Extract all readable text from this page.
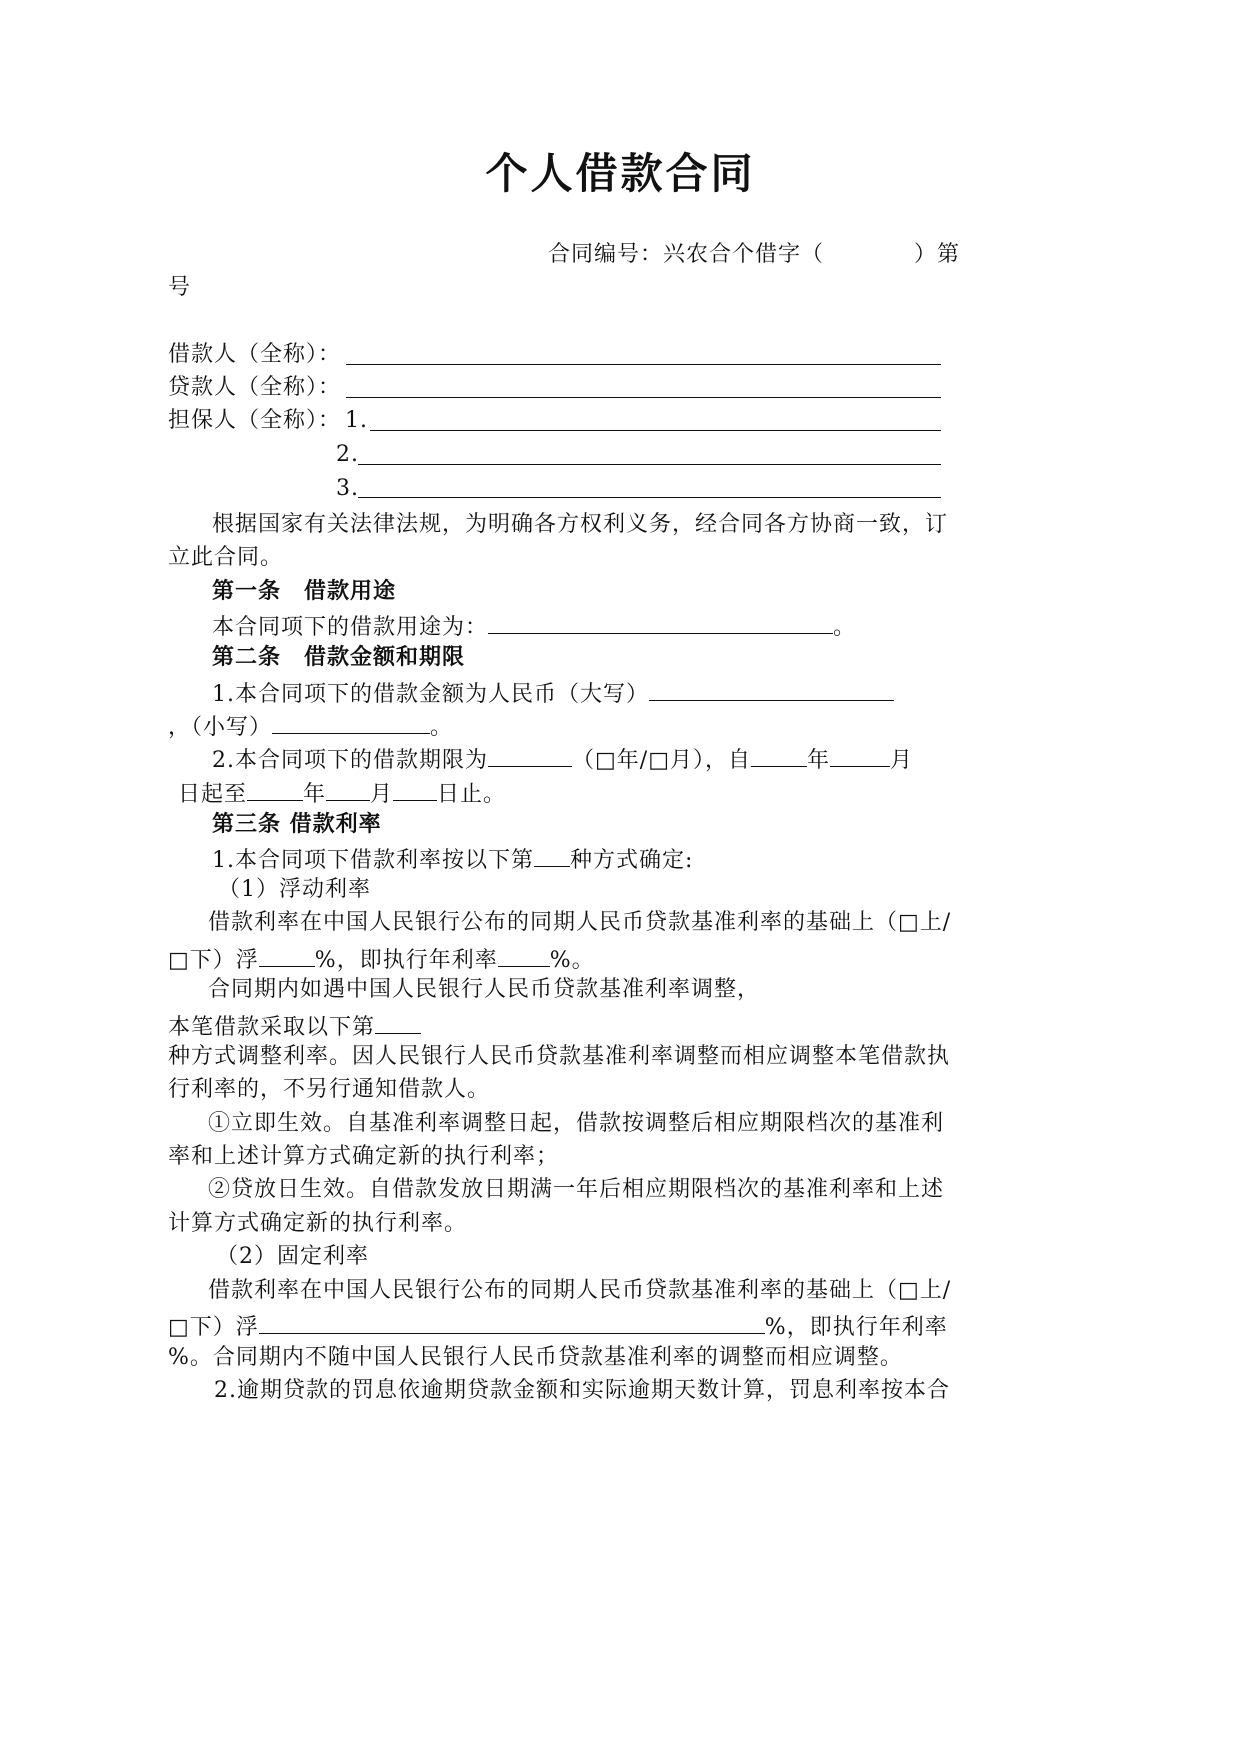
个人借款合同
合同编号：兴农合个借字（	）第
号
借款人（全称）：
贷款人（全称）：
担保人（全称）： 1.
2.
3.
根据国家有关法律法规，为明确各方权利义务，经合同各方协商一致，订
立此合同。
第一条　借款用途
本合同项下的借款用途为：	。
第二条　借款金额和期限
1.本合同项下的借款金额为人民币（大写）
，（小写）	。
2.本合同项下的借款期限为	（□年/□月），自	年	月
日起至	年 月 日止。
第三条 借款利率
1.本合同项下借款利率按以下第 种方式确定:
（1）浮动利率
借款利率在中国人民银行公布的同期人民币贷款基准利率的基础上（□上/
□下）浮	%，即执行年利率 %。
合同期内如遇中国人民银行人民币贷款基准利率调整，
本笔借款采取以下第
种方式调整利率。因人民银行人民币贷款基准利率调整而相应调整本笔借款执
行利率的，不另行通知借款人。
①立即生效。自基准利率调整日起，借款按调整后相应期限档次的基准利
率和上述计算方式确定新的执行利率；
②贷放日生效。自借款发放日期满一年后相应期限档次的基准利率和上述
计算方式确定新的执行利率。
（2）固定利率
借款利率在中国人民银行公布的同期人民币贷款基准利率的基础上（□上/
□下）浮	%，即执行年利率
%。合同期内不随中国人民银行人民币贷款基准利率的调整而相应调整。
2.逾期贷款的罚息依逾期贷款金额和实际逾期天数计算，罚息利率按本合
